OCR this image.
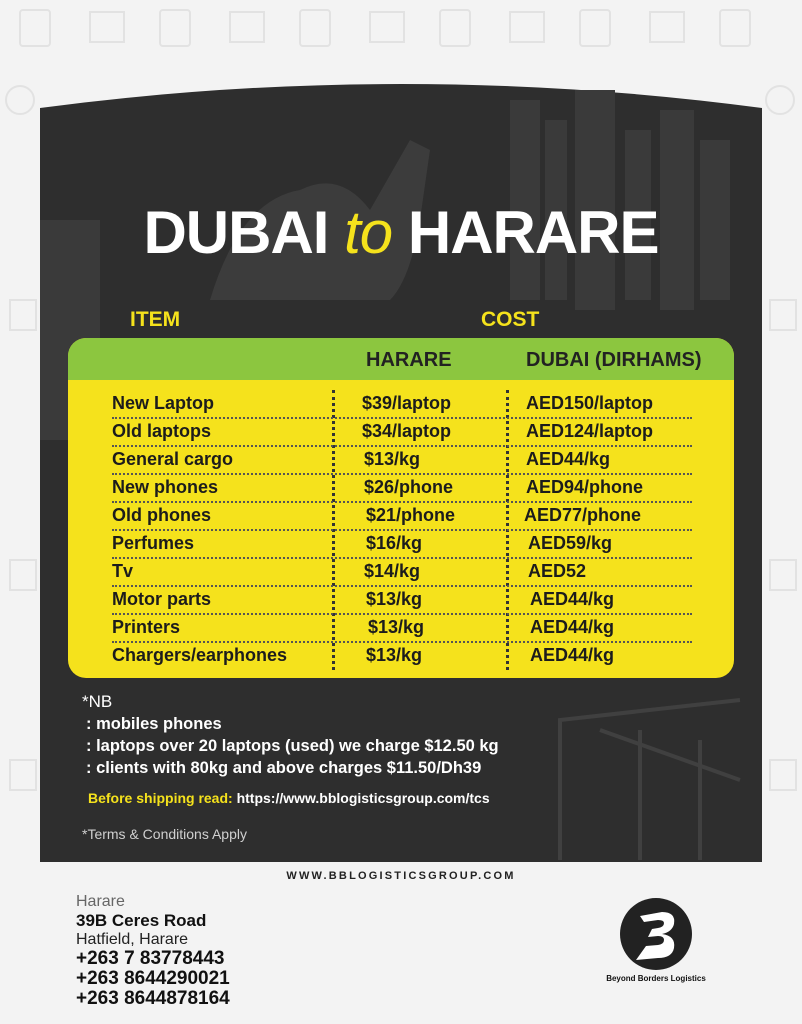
DUBAI to HARARE
ITEM	COST
HARARE	DUBAI (DIRHAMS)
New Laptop	$39/laptop	AED150/laptop
Old laptops	$34/laptop	AED124/laptop
General cargo	$13/kg	AED44/kg
New phones	$26/phone	AED94/phone
Old phones	$21/phone	AED77/phone
Perfumes	$16/kg	AED59/kg
Tv	$14/kg	AED52
Motor parts	$13/kg	AED44/kg
Printers	$13/kg	AED44/kg
Chargers/earphones	$13/kg	AED44/kg
*NB
: mobiles phones
: laptops over 20 laptops (used) we charge $12.50 kg
: clients with 80kg and above charges $11.50/Dh39
Before shipping read: https://www.bblogisticsgroup.com/tcs
*Terms & Conditions Apply
WWW.BBLOGISTICSGROUP.COM
Harare
39B Ceres Road
Hatfield, Harare
+263 7 83778443
+263 8644290021
+263 8644878164
Beyond Borders Logistics
